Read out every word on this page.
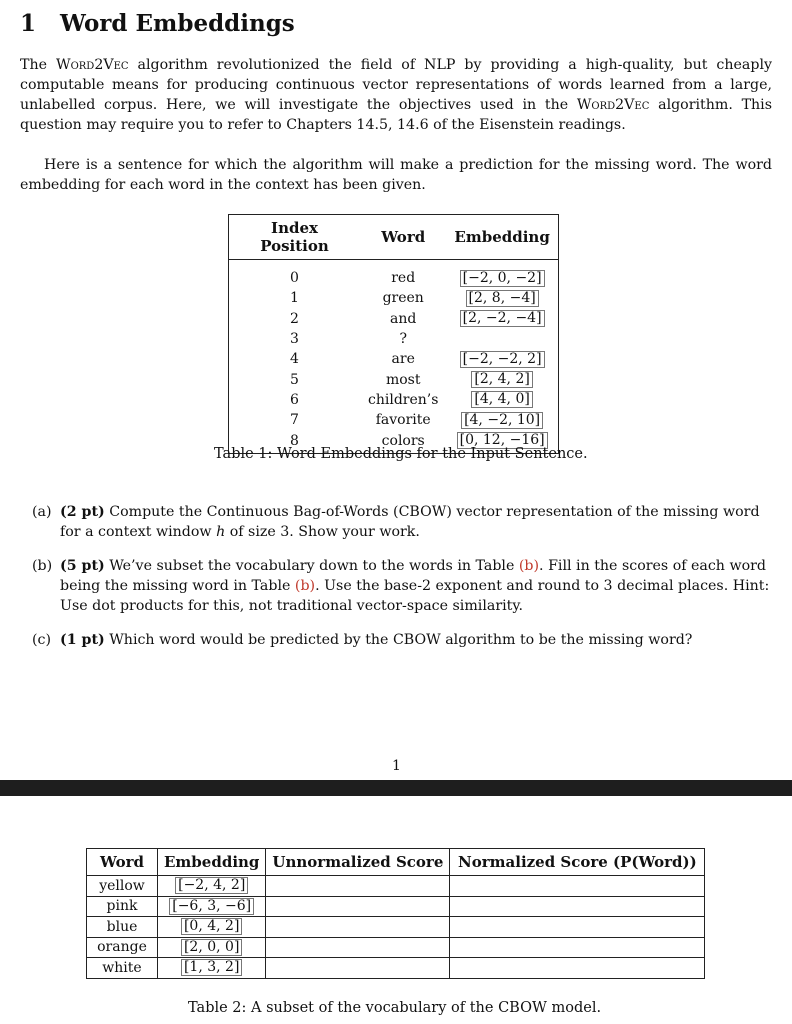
1 Word Embeddings

The Word2Vec algorithm revolutionized the field of NLP by providing a high-quality, but cheaply computable means for producing continuous vector representations of words learned from a large, unlabelled corpus. Here, we will investigate the objectives used in the Word2Vec algorithm. This question may require you to refer to Chapters 14.5, 14.6 of the Eisenstein readings.

Here is a sentence for which the algorithm will make a prediction for the missing word. The word embedding for each word in the context has been given.

Index Position	Word	Embedding
0	red	[−2, 0, −2]
1	green	[2, 8, −4]
2	and	[2, −2, −4]
3	?	
4	are	[−2, −2, 2]
5	most	[2, 4, 2]
6	children’s	[4, 4, 0]
7	favorite	[4, −2, 10]
8	colors	[0, 12, −16]
Table 1: Word Embeddings for the Input Sentence.
(a) (2 pt) Compute the Continuous Bag-of-Words (CBOW) vector representation of the missing word for a context window h of size 3. Show your work.
(b) (5 pt) We’ve subset the vocabulary down to the words in Table (b). Fill in the scores of each word being the missing word in Table (b). Use the base-2 exponent and round to 3 decimal places. Hint: Use dot products for this, not traditional vector-space similarity.
(c) (1 pt) Which word would be predicted by the CBOW algorithm to be the missing word?
1
Word	Embedding	Unnormalized Score	Normalized Score (P(Word))
yellow	[−2, 4, 2]		
pink	[−6, 3, −6]		
blue	[0, 4, 2]		
orange	[2, 0, 0]		
white	[1, 3, 2]		
Table 2: A subset of the vocabulary of the CBOW model.
